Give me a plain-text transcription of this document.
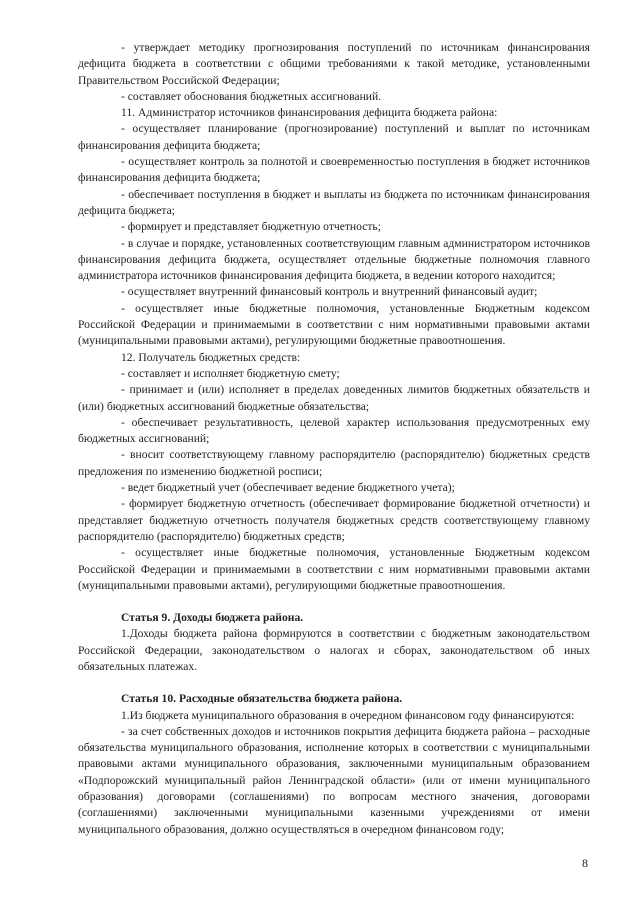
- утверждает методику прогнозирования поступлений по источникам финансирования дефицита бюджета в соответствии с общими требованиями к такой методике, установленными Правительством Российской Федерации;

- составляет обоснования бюджетных ассигнований.

11. Администратор источников финансирования дефицита бюджета района:

- осуществляет планирование (прогнозирование) поступлений и выплат по источникам финансирования дефицита бюджета;

- осуществляет контроль за полнотой и своевременностью поступления в бюджет источников финансирования дефицита бюджета;

- обеспечивает поступления в бюджет и выплаты из бюджета по источникам финансирования дефицита бюджета;

- формирует и представляет бюджетную отчетность;

- в случае и порядке, установленных соответствующим главным администратором источников финансирования дефицита бюджета, осуществляет отдельные бюджетные полномочия главного администратора источников финансирования дефицита бюджета, в ведении которого находится;

- осуществляет внутренний финансовый контроль и внутренний финансовый аудит;

- осуществляет иные бюджетные полномочия, установленные Бюджетным кодексом Российской Федерации и принимаемыми в соответствии с ним нормативными правовыми актами (муниципальными правовыми актами), регулирующими бюджетные правоотношения.

12. Получатель бюджетных средств:

- составляет и исполняет бюджетную смету;

- принимает и (или) исполняет в пределах доведенных лимитов бюджетных обязательств и (или) бюджетных ассигнований бюджетные обязательства;

- обеспечивает результативность, целевой характер использования предусмотренных ему бюджетных ассигнований;

- вносит соответствующему главному распорядителю (распорядителю) бюджетных средств предложения по изменению бюджетной росписи;

- ведет бюджетный учет (обеспечивает ведение бюджетного учета);

- формирует бюджетную отчетность (обеспечивает формирование бюджетной отчетности) и представляет бюджетную отчетность получателя бюджетных средств соответствующему главному распорядителю (распорядителю) бюджетных средств;

- осуществляет иные бюджетные полномочия, установленные Бюджетным кодексом Российской Федерации и принимаемыми в соответствии с ним нормативными правовыми актами (муниципальными правовыми актами), регулирующими бюджетные правоотношения.

Статья 9. Доходы бюджета района.

1.Доходы бюджета района формируются в соответствии с бюджетным законодательством Российской Федерации, законодательством о налогах и сборах, законодательством об иных обязательных платежах.

Статья 10. Расходные обязательства бюджета района.

1.Из бюджета муниципального образования в очередном финансовом году финансируются:

- за счет собственных доходов и источников покрытия дефицита бюджета района – расходные обязательства муниципального образования, исполнение которых в соответствии с муниципальными правовыми актами муниципального образования, заключенными муниципальным образованием «Подпорожский муниципальный район Ленинградской области» (или от имени муниципального образования) договорами (соглашениями) по вопросам местного значения, договорами (соглашениями) заключенными муниципальными казенными учреждениями от имени муниципального образования, должно осуществляться в очередном финансовом году;

8
